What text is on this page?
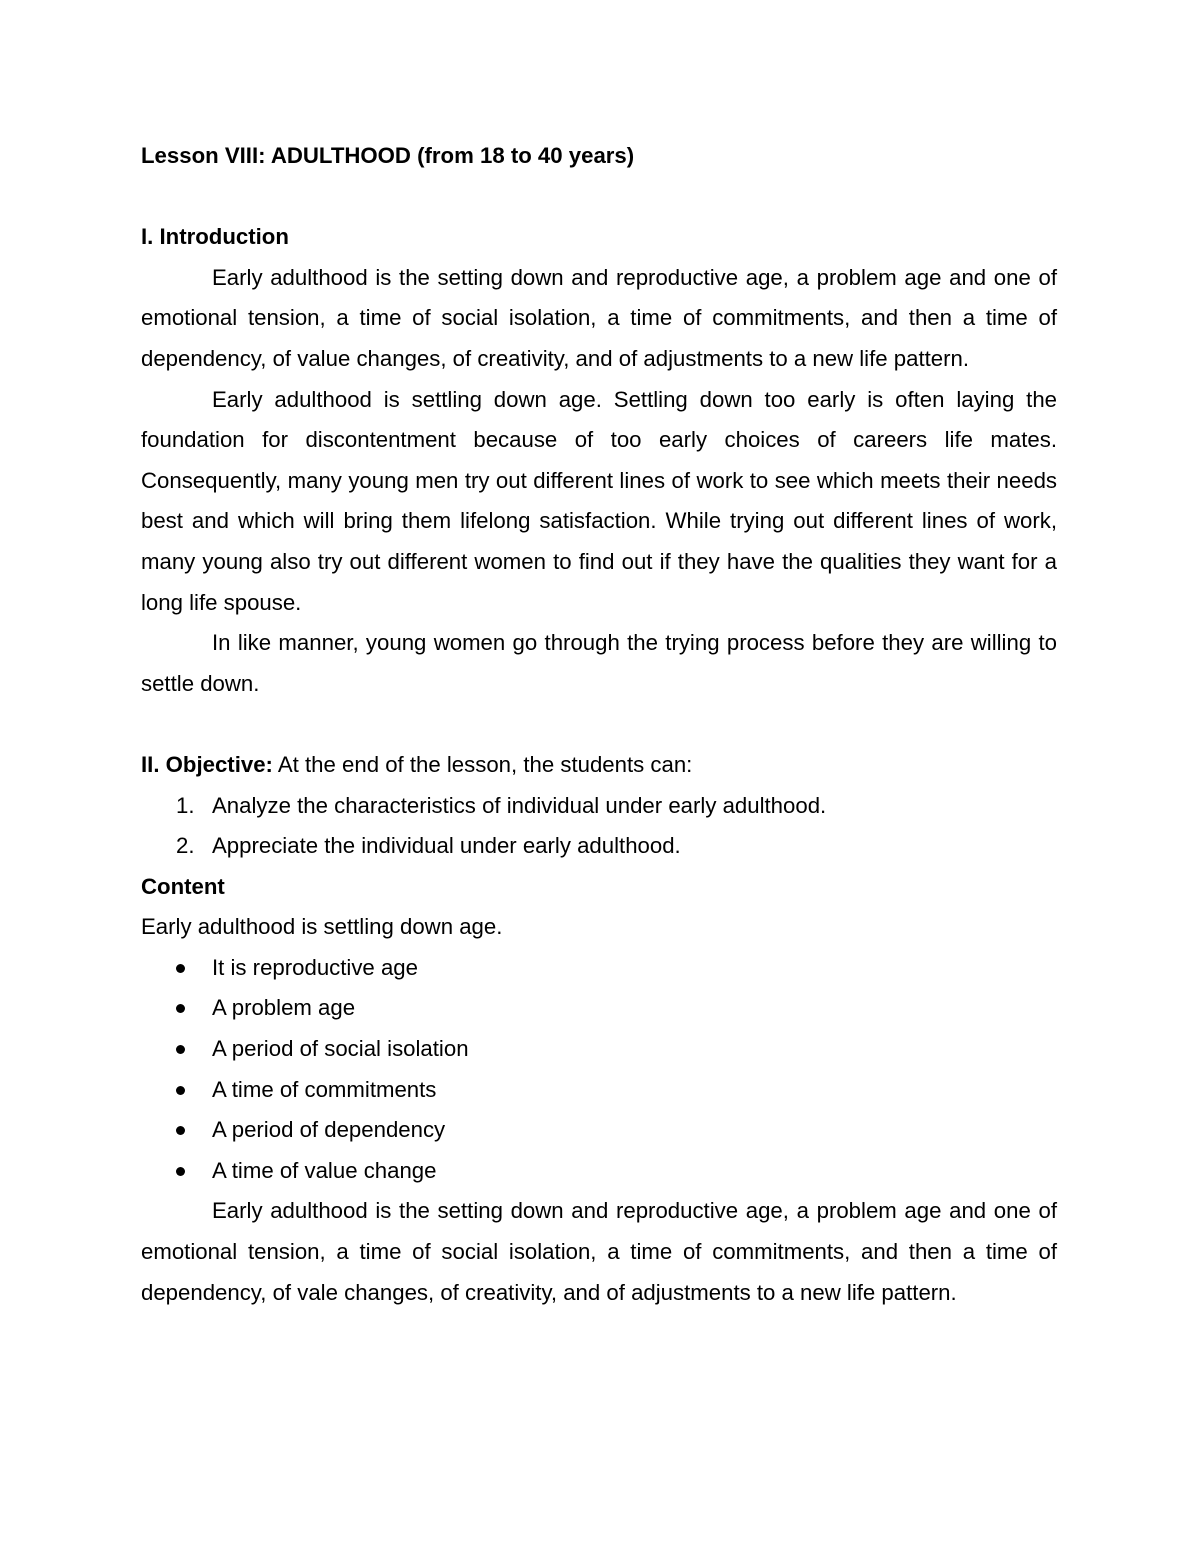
Lesson VIII: ADULTHOOD (from 18 to 40 years)

I. Introduction

Early adulthood is the setting down and reproductive age, a problem age and one of emotional tension, a time of social isolation, a time of commitments, and then a time of dependency, of value changes, of creativity, and of adjustments to a new life pattern.

Early adulthood is settling down age. Settling down too early is often laying the foundation for discontentment because of too early choices of careers life mates. Consequently, many young men try out different lines of work to see which meets their needs best and which will bring them lifelong satisfaction. While trying out different lines of work, many young also try out different women to find out if they have the qualities they want for a long life spouse.

In like manner, young women go through the trying process before they are willing to settle down.

II. Objective: At the end of the lesson, the students can:

1. Analyze the characteristics of individual under early adulthood.
2. Appreciate the individual under early adulthood.

Content

Early adulthood is settling down age.

It is reproductive age
A problem age
A period of social isolation
A time of commitments
A period of dependency
A time of value change

Early adulthood is the setting down and reproductive age, a problem age and one of emotional tension, a time of social isolation, a time of commitments, and then a time of dependency, of vale changes, of creativity, and of adjustments to a new life pattern.
